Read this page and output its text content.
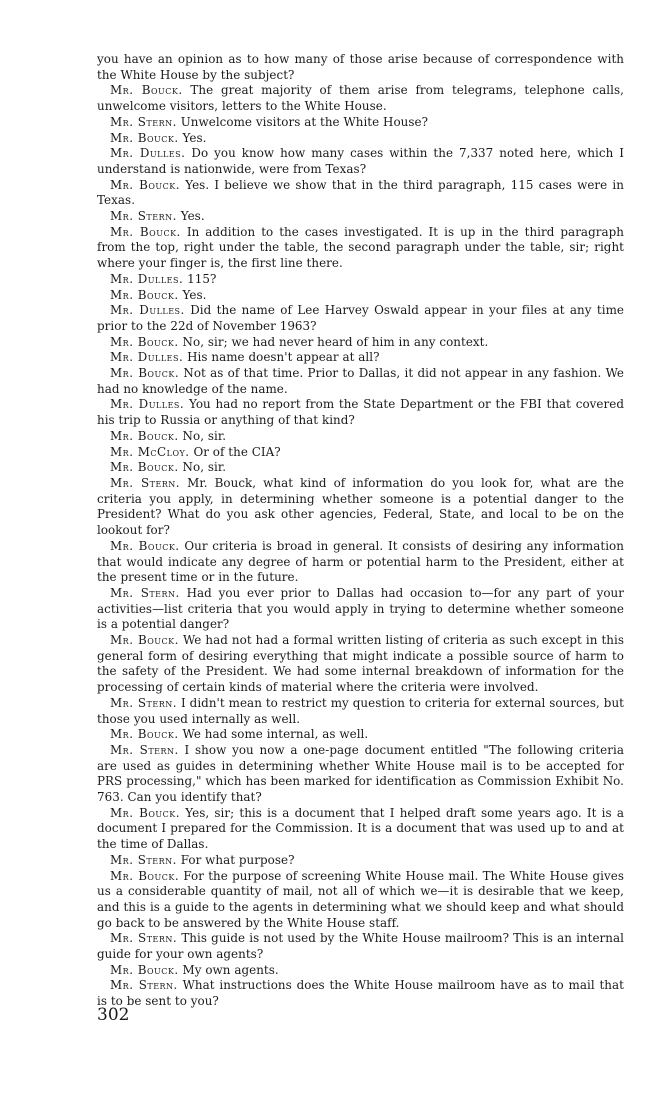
you have an opinion as to how many of those arise because of correspondence with the White House by the subject?

Mr. Bouck. The great majority of them arise from telegrams, telephone calls, unwelcome visitors, letters to the White House.

Mr. Stern. Unwelcome visitors at the White House?

Mr. Bouck. Yes.

Mr. Dulles. Do you know how many cases within the 7,337 noted here, which I understand is nationwide, were from Texas?

Mr. Bouck. Yes. I believe we show that in the third paragraph, 115 cases were in Texas.

Mr. Stern. Yes.

Mr. Bouck. In addition to the cases investigated. It is up in the third paragraph from the top, right under the table, the second paragraph under the table, sir; right where your finger is, the first line there.

Mr. Dulles. 115?

Mr. Bouck. Yes.

Mr. Dulles. Did the name of Lee Harvey Oswald appear in your files at any time prior to the 22d of November 1963?

Mr. Bouck. No, sir; we had never heard of him in any context.

Mr. Dulles. His name doesn't appear at all?

Mr. Bouck. Not as of that time. Prior to Dallas, it did not appear in any fashion. We had no knowledge of the name.

Mr. Dulles. You had no report from the State Department or the FBI that covered his trip to Russia or anything of that kind?

Mr. Bouck. No, sir.

Mr. McCloy. Or of the CIA?

Mr. Bouck. No, sir.

Mr. Stern. Mr. Bouck, what kind of information do you look for, what are the criteria you apply, in determining whether someone is a potential danger to the President? What do you ask other agencies, Federal, State, and local to be on the lookout for?

Mr. Bouck. Our criteria is broad in general. It consists of desiring any information that would indicate any degree of harm or potential harm to the President, either at the present time or in the future.

Mr. Stern. Had you ever prior to Dallas had occasion to—for any part of your activities—list criteria that you would apply in trying to determine whether someone is a potential danger?

Mr. Bouck. We had not had a formal written listing of criteria as such except in this general form of desiring everything that might indicate a possible source of harm to the safety of the President. We had some internal breakdown of information for the processing of certain kinds of material where the criteria were involved.

Mr. Stern. I didn't mean to restrict my question to criteria for external sources, but those you used internally as well.

Mr. Bouck. We had some internal, as well.

Mr. Stern. I show you now a one-page document entitled "The following criteria are used as guides in determining whether White House mail is to be accepted for PRS processing," which has been marked for identification as Commission Exhibit No. 763. Can you identify that?

Mr. Bouck. Yes, sir; this is a document that I helped draft some years ago. It is a document I prepared for the Commission. It is a document that was used up to and at the time of Dallas.

Mr. Stern. For what purpose?

Mr. Bouck. For the purpose of screening White House mail. The White House gives us a considerable quantity of mail, not all of which we—it is desirable that we keep, and this is a guide to the agents in determining what we should keep and what should go back to be answered by the White House staff.

Mr. Stern. This guide is not used by the White House mailroom? This is an internal guide for your own agents?

Mr. Bouck. My own agents.

Mr. Stern. What instructions does the White House mailroom have as to mail that is to be sent to you?

302
